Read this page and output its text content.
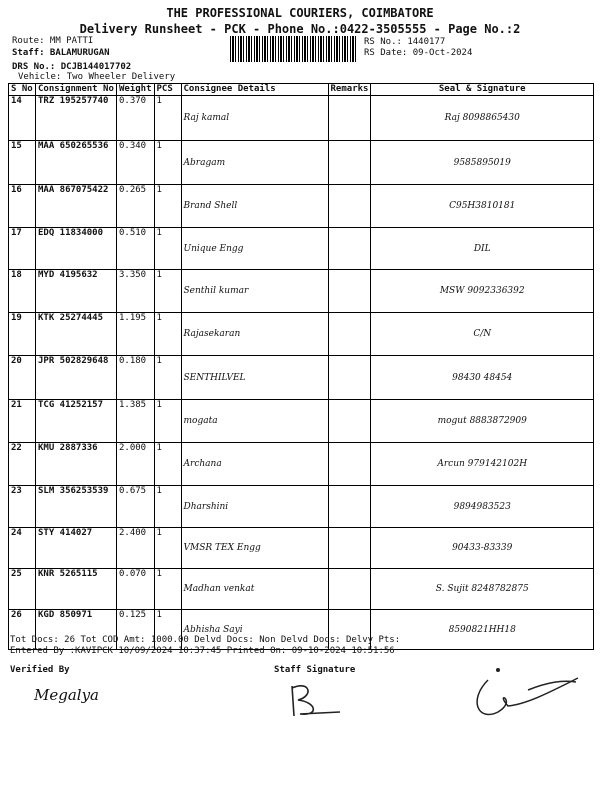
THE PROFESSIONAL COURIERS, COIMBATORE
Delivery Runsheet - PCK - Phone No.:0422-3505555 - Page No.:2
Route: MM PATTI
Staff: BALAMURUGAN
DRS No.: DCJB144017702
Vehicle: Two Wheeler Delivery
RS No.: 1440177
RS Date: 09-Oct-2024
S No	Consignment No	Weight	PCS	Consignee Details	Remarks	Seal & Signature
14	TRZ 195257740	0.370	1	Raj kamal		Raj 8098865430
15	MAA 650265536	0.340	1	Abragam		9585895019
16	MAA 867075422	0.265	1	Brand Shell		C95H3810181
17	EDQ 11834000	0.510	1	Unique Engg		DIL
18	MYD 4195632	3.350	1	Senthil kumar		MSW 9092336392
19	KTK 25274445	1.195	1	Rajasekaran		C/N
20	JPR 502829648	0.180	1	SENTHILVEL		98430 48454
21	TCG 41252157	1.385	1	mogata		mogut 8883872909
22	KMU 2887336	2.000	1	Archana		Arcun 979142102H
23	SLM 356253539	0.675	1	Dharshini		9894983523
24	STY 414027	2.400	1	VMSR TEX Engg		90433-83339
25	KNR 5265115	0.070	1	Madhan venkat		S. Sujit 8248782875
26	KGD 850971	0.125	1	Abhisha Sayi		8590821HH18
Tot Docs: 26 Tot COD Amt: 1000.00 Delvd Docs: Non Delvd Docs: Delvy Pts:
Entered By :KAVIPCK 10/09/2024 10:37:45 Printed On: 09-10-2024 10:51:56
Verified By	Staff Signature
Megalya
